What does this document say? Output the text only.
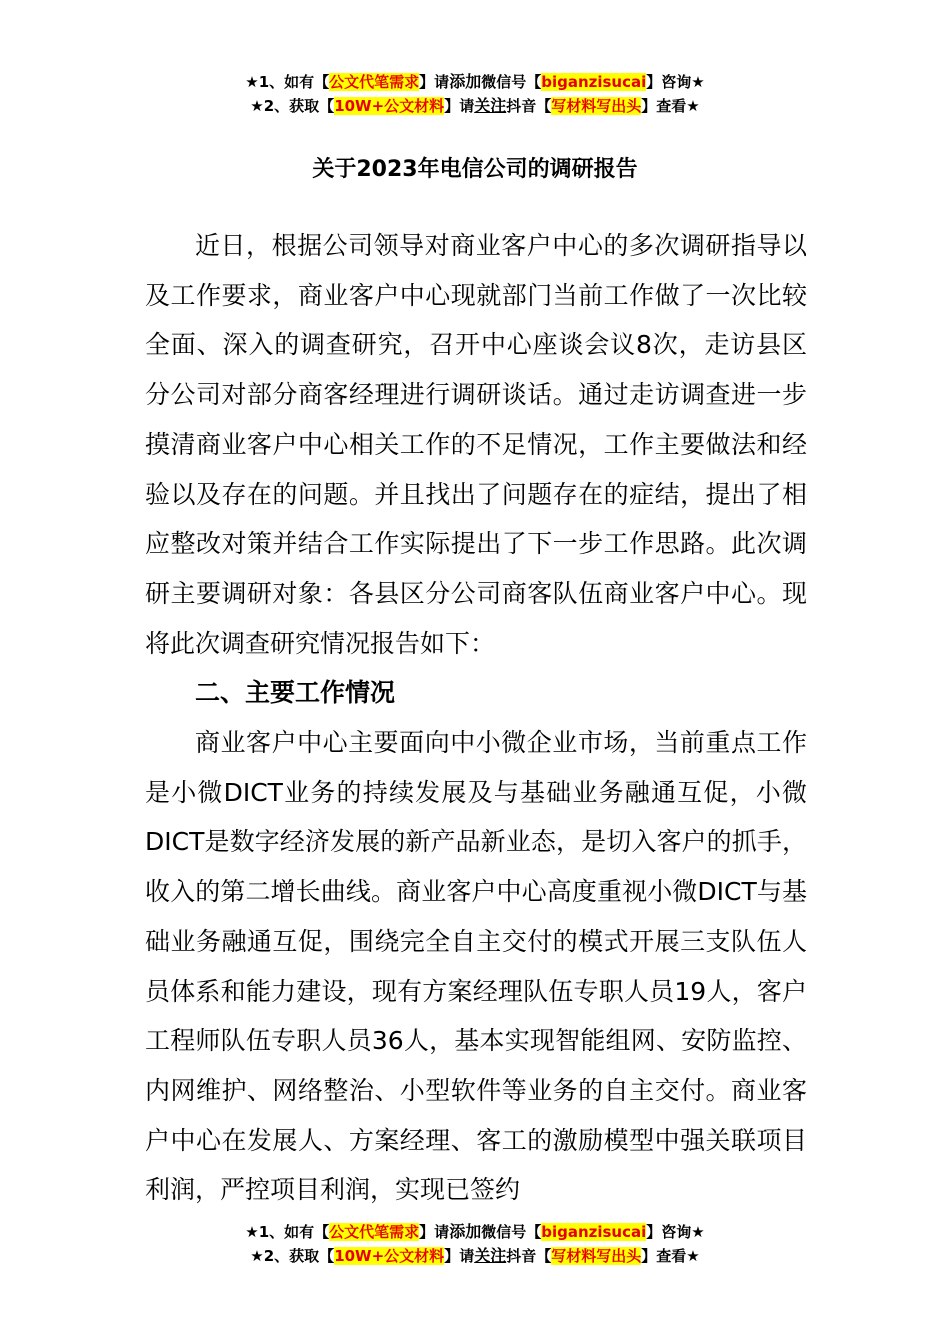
★1、如有【公文代笔需求】请添加微信号【biganzisucai】咨询★
★2、获取【10W+公文材料】请关注抖音【写材料写出头】查看★
关于2023年电信公司的调研报告

近日，根据公司领导对商业客户中心的多次调研指导以及工作要求，商业客户中心现就部门当前工作做了一次比较全面、深入的调查研究，召开中心座谈会议8次，走访县区分公司对部分商客经理进行调研谈话。通过走访调查进一步摸清商业客户中心相关工作的不足情况，工作主要做法和经验以及存在的问题。并且找出了问题存在的症结，提出了相应整改对策并结合工作实际提出了下一步工作思路。此次调研主要调研对象：各县区分公司商客队伍商业客户中心。现将此次调查研究情况报告如下：

二、主要工作情况

商业客户中心主要面向中小微企业市场，当前重点工作是小微DICT业务的持续发展及与基础业务融通互促，小微DICT是数字经济发展的新产品新业态，是切入客户的抓手，收入的第二增长曲线。商业客户中心高度重视小微DICT与基础业务融通互促，围绕完全自主交付的模式开展三支队伍人员体系和能力建设，现有方案经理队伍专职人员19人，客户工程师队伍专职人员36人，基本实现智能组网、安防监控、内网维护、网络整治、小型软件等业务的自主交付。商业客户中心在发展人、方案经理、客工的激励模型中强关联项目利润，严控项目利润，实现已签约

★1、如有【公文代笔需求】请添加微信号【biganzisucai】咨询★
★2、获取【10W+公文材料】请关注抖音【写材料写出头】查看★
